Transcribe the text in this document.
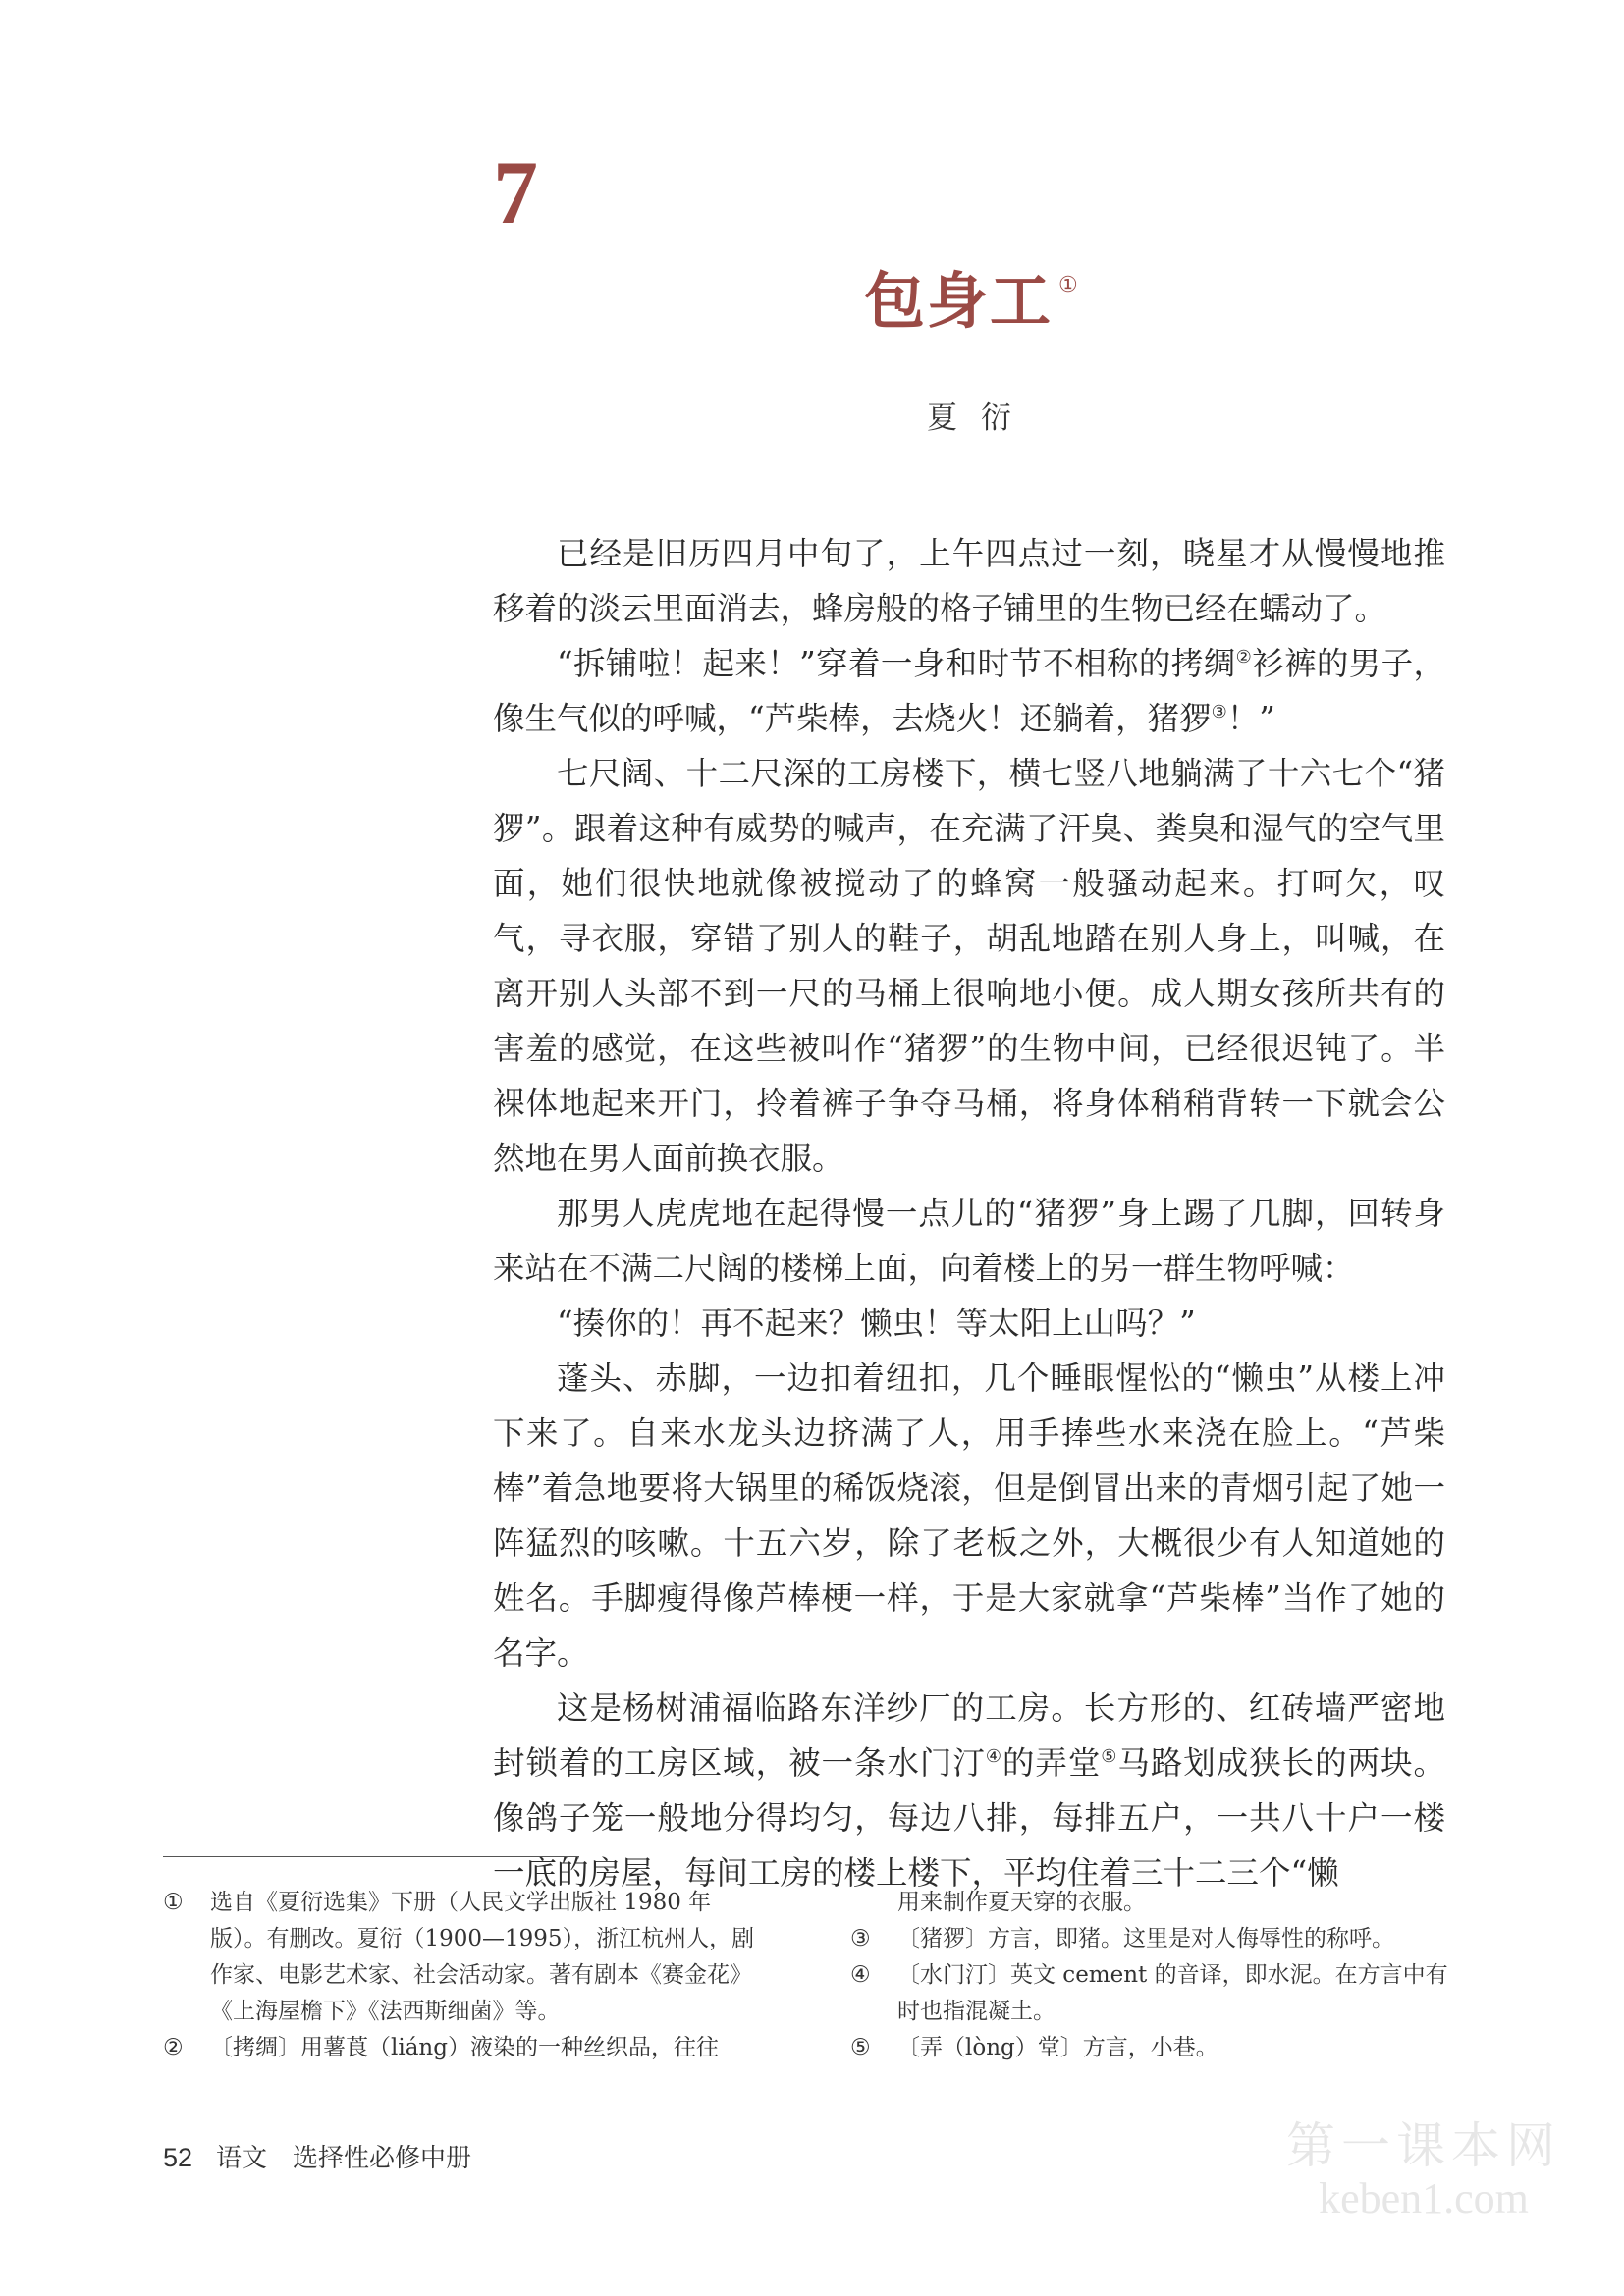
7
包身工 ①
夏衍

已经是旧历四月中旬了，上午四点过一刻，晓星才从慢慢地推移着的淡云里面消去，蜂房般的格子铺里的生物已经在蠕动了。

“拆铺啦！起来！”穿着一身和时节不相称的拷绸②衫裤的男子，像生气似的呼喊，“芦柴棒，去烧火！还躺着，猪猡③！”

七尺阔、十二尺深的工房楼下，横七竖八地躺满了十六七个“猪猡”。跟着这种有威势的喊声，在充满了汗臭、粪臭和湿气的空气里面，她们很快地就像被搅动了的蜂窝一般骚动起来。打呵欠，叹气，寻衣服，穿错了别人的鞋子，胡乱地踏在别人身上，叫喊，在离开别人头部不到一尺的马桶上很响地小便。成人期女孩所共有的害羞的感觉，在这些被叫作“猪猡”的生物中间，已经很迟钝了。半裸体地起来开门，拎着裤子争夺马桶，将身体稍稍背转一下就会公然地在男人面前换衣服。

那男人虎虎地在起得慢一点儿的“猪猡”身上踢了几脚，回转身来站在不满二尺阔的楼梯上面，向着楼上的另一群生物呼喊：

“揍你的！再不起来？懒虫！等太阳上山吗？”

蓬头、赤脚，一边扣着纽扣，几个睡眼惺忪的“懒虫”从楼上冲下来了。自来水龙头边挤满了人，用手捧些水来浇在脸上。“芦柴棒”着急地要将大锅里的稀饭烧滚，但是倒冒出来的青烟引起了她一阵猛烈的咳嗽。十五六岁，除了老板之外，大概很少有人知道她的姓名。手脚瘦得像芦棒梗一样，于是大家就拿“芦柴棒”当作了她的名字。

这是杨树浦福临路东洋纱厂的工房。长方形的、红砖墙严密地封锁着的工房区域，被一条水门汀④的弄堂⑤马路划成狭长的两块。像鸽子笼一般地分得均匀，每边八排，每排五户，一共八十户一楼一底的房屋，每间工房的楼上楼下，平均住着三十二三个“懒

①	选自《夏衍选集》下册（人民文学出版社 1980 年版）。有删改。夏衍（1900—1995），浙江杭州人，剧作家、电影艺术家、社会活动家。著有剧本《赛金花》《上海屋檐下》《法西斯细菌》等。
②	〔拷绸〕用薯莨（liáng）液染的一种丝织品，往往
用来制作夏天穿的衣服。
③	〔猪猡〕方言，即猪。这里是对人侮辱性的称呼。
④	〔水门汀〕英文 cement 的音译，即水泥。在方言中有时也指混凝土。
⑤	〔弄（lòng）堂〕方言，小巷。
52 语文　选择性必修中册	第一课本网
keben1.com
